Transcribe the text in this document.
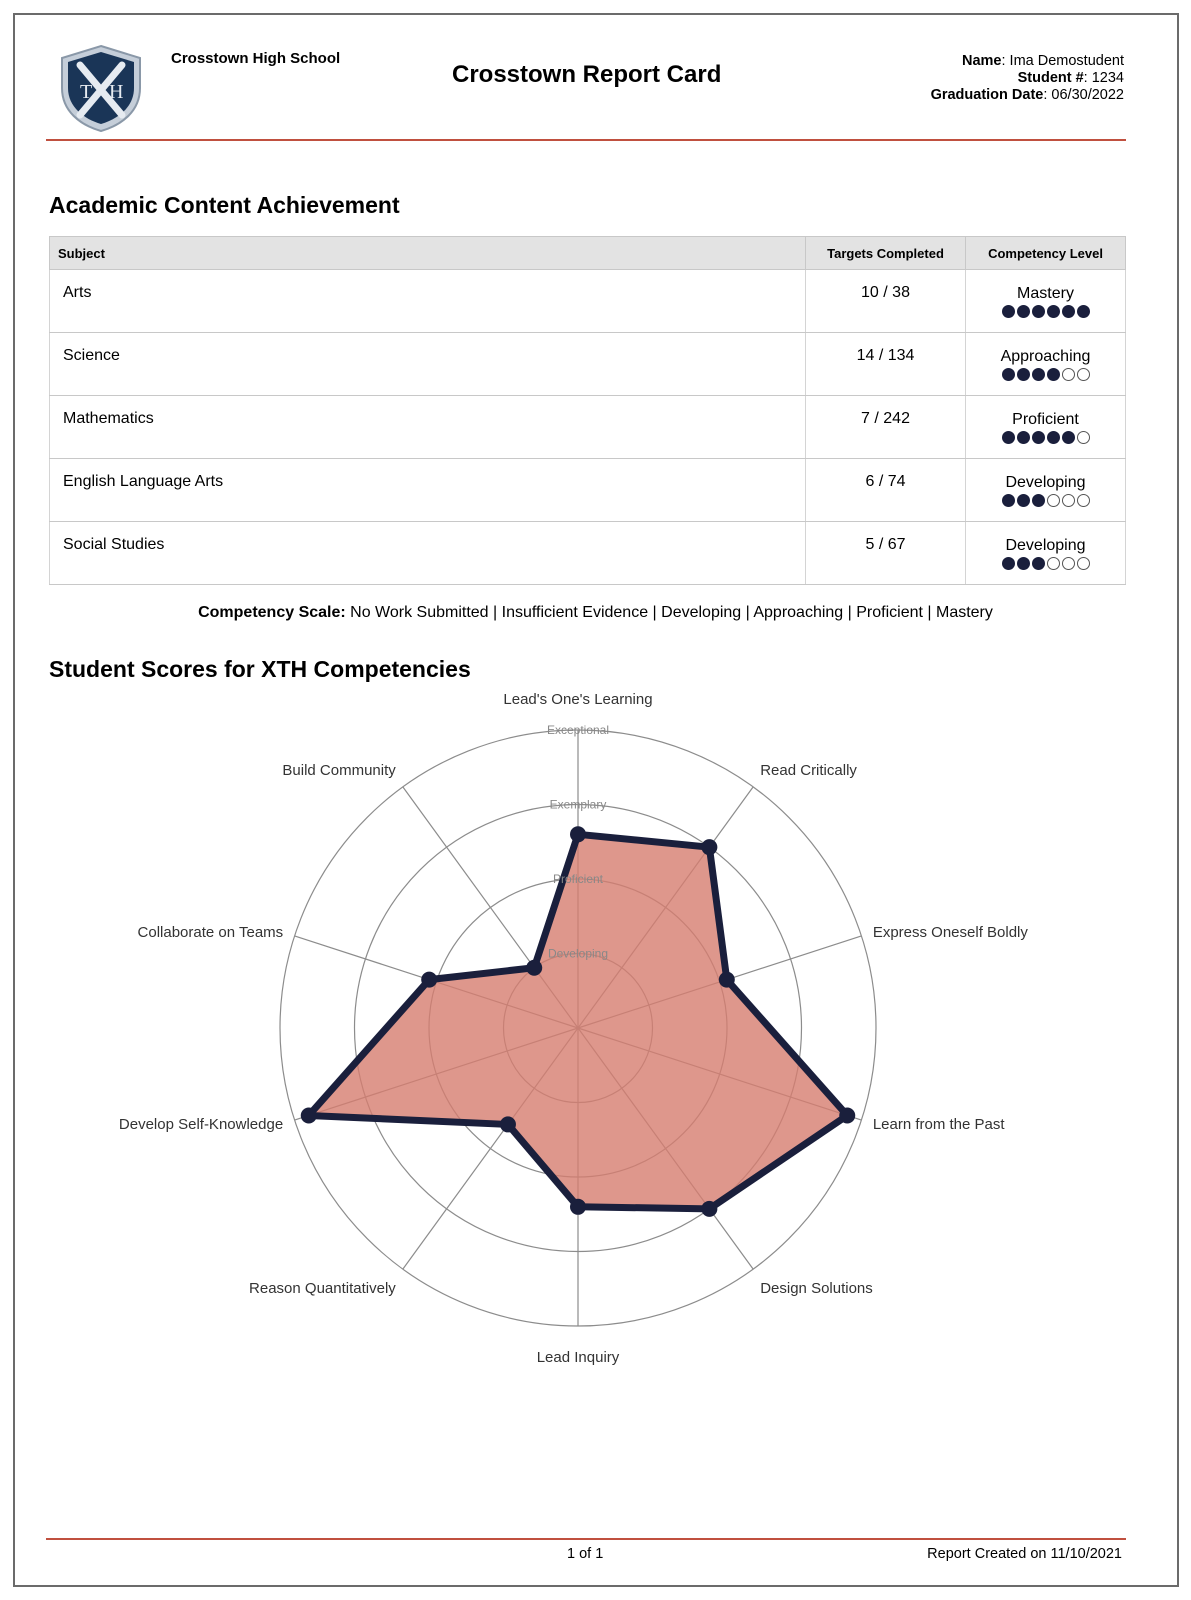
T H
Crosstown High School
Crosstown Report Card	Name: Ima Demostudent
Student #: 1234
Graduation Date: 06/30/2022
Academic Content Achievement
Subject	Targets Completed	Competency Level
Arts	10 / 38	Mastery

Science	14 / 134	Approaching

Mathematics	7 / 242	Proficient

English Language Arts	6 / 74	Developing

Social Studies	5 / 67	Developing
Competency Scale: No Work Submitted | Insufficient Evidence | Developing | Approaching | Proficient | Mastery
Student Scores for XTH Competencies
Developing
Proficient
Exemplary
Exceptional
Lead's One's Learning
Read Critically
Express Oneself Boldly
Learn from the Past
Design Solutions
Lead Inquiry
Reason Quantitatively
Develop Self-Knowledge
Collaborate on Teams
Build Community
1 of 1	Report Created on 11/10/2021
